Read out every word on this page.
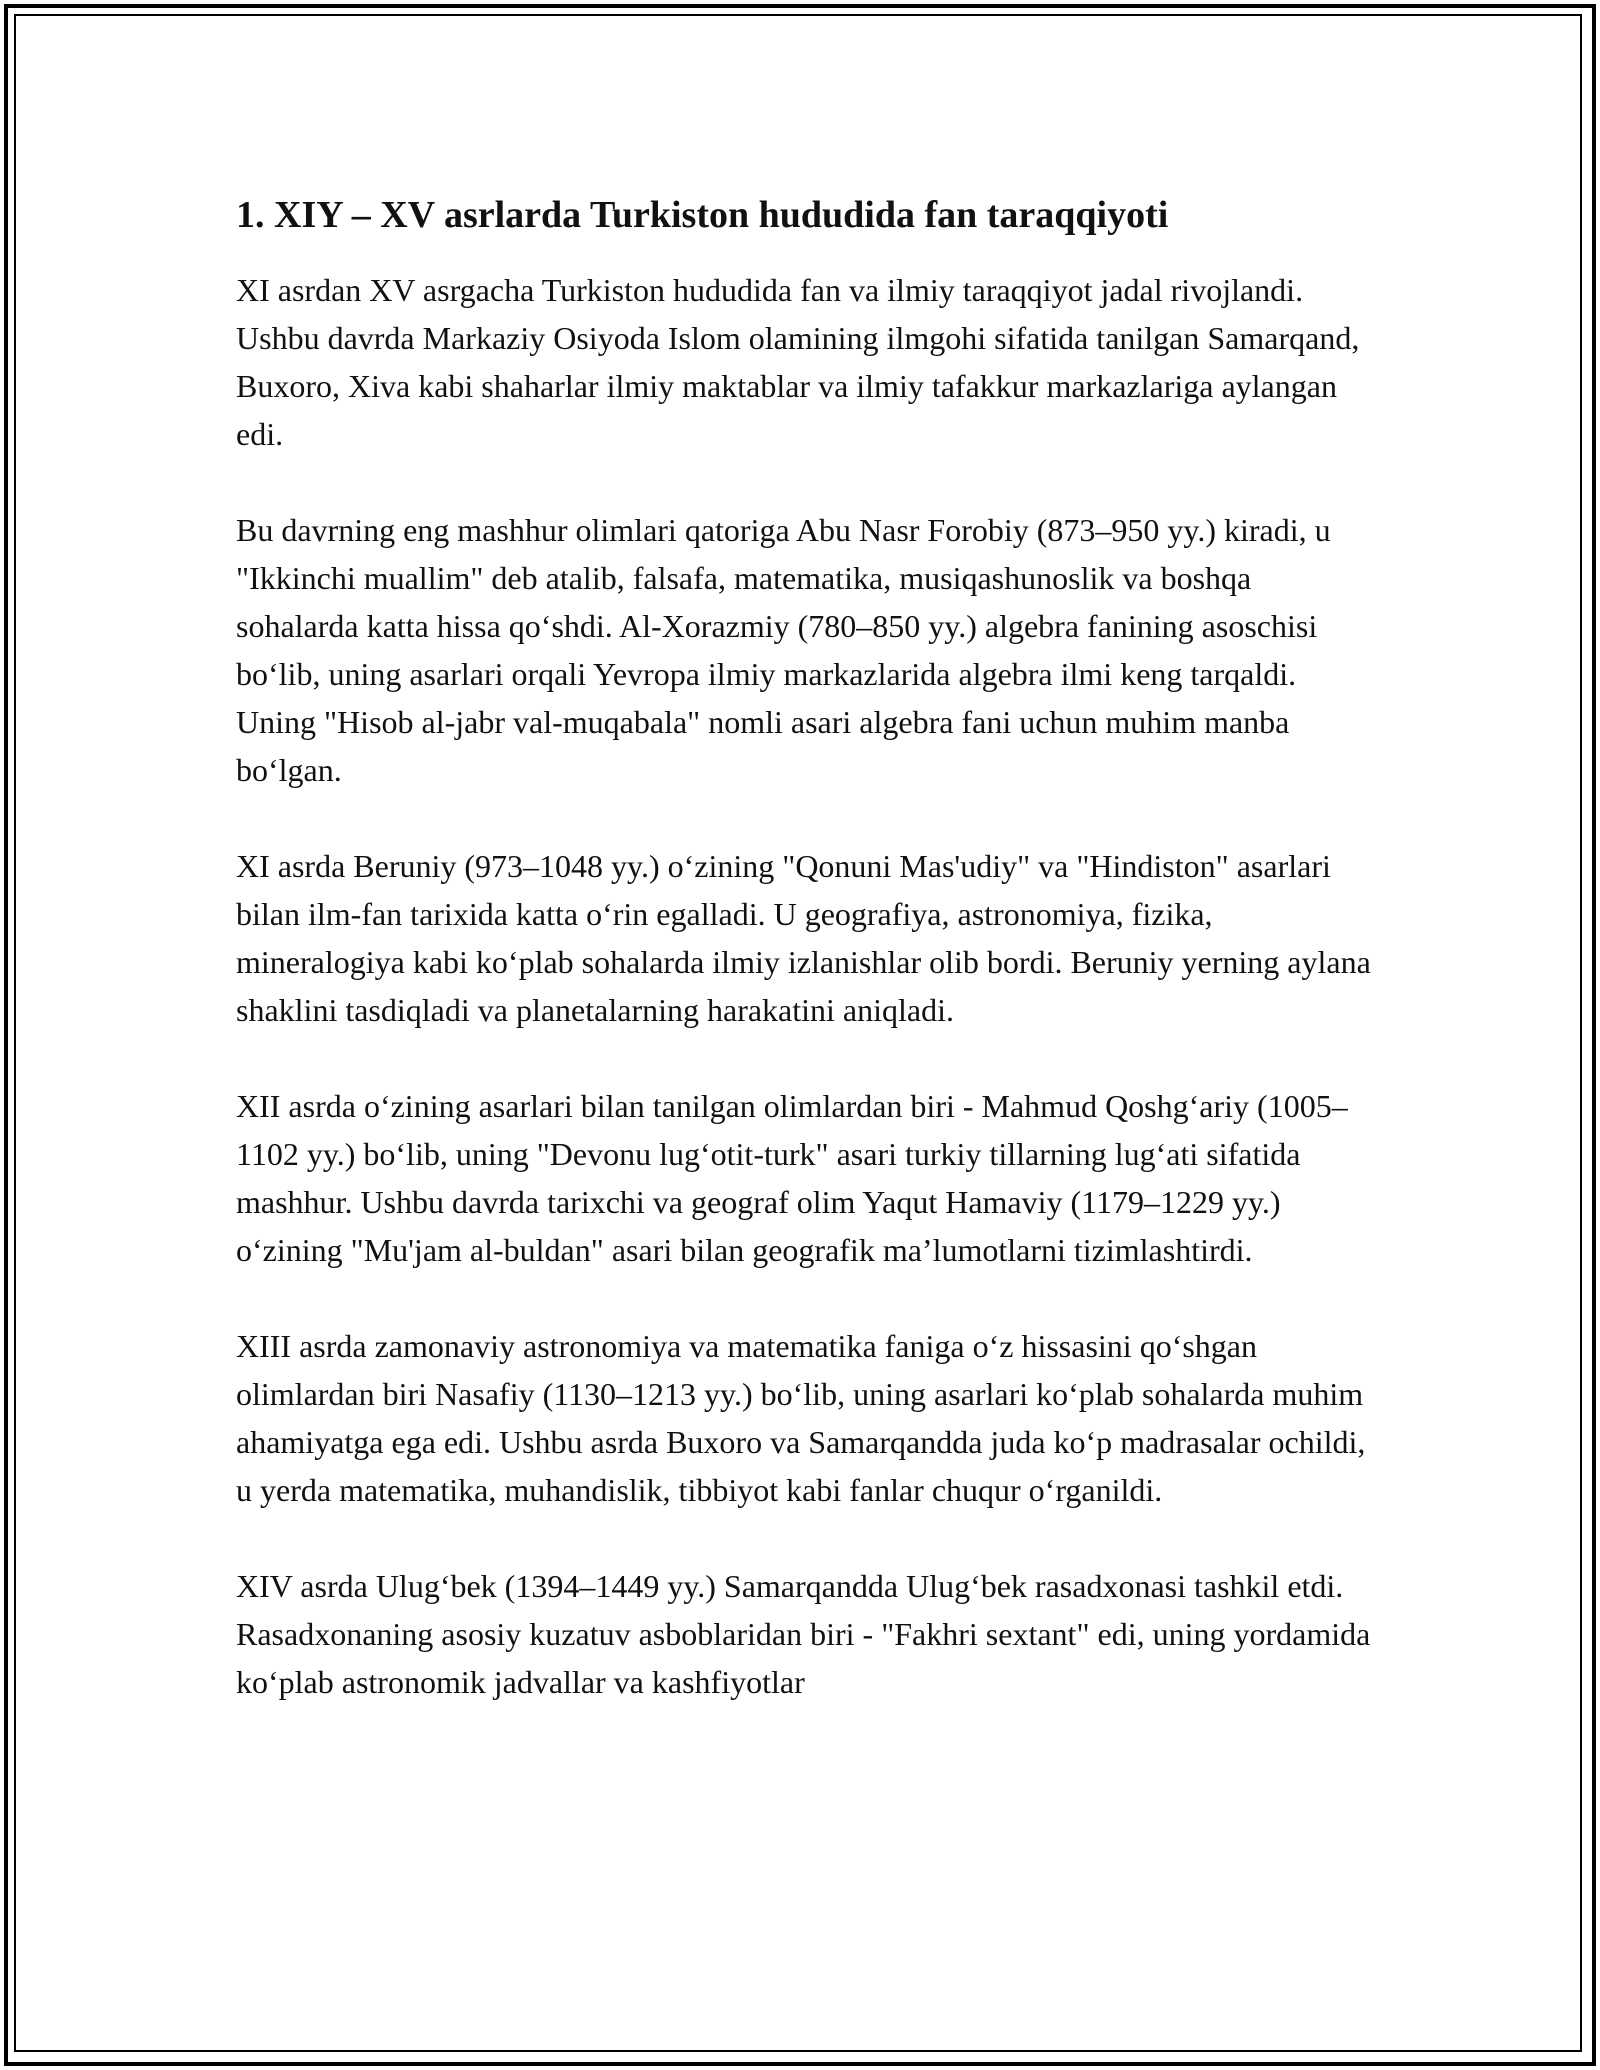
1. XIY – XV asrlarda Turkiston hududida fan taraqqiyoti

XI asrdan XV asrgacha Turkiston hududida fan va ilmiy taraqqiyot jadal rivojlandi. Ushbu davrda Markaziy Osiyoda Islom olamining ilmgohi sifatida tanilgan Samarqand, Buxoro, Xiva kabi shaharlar ilmiy maktablar va ilmiy tafakkur markazlariga aylangan edi.

Bu davrning eng mashhur olimlari qatoriga Abu Nasr Forobiy (873–950 yy.) kiradi, u "Ikkinchi muallim" deb atalib, falsafa, matematika, musiqashunoslik va boshqa sohalarda katta hissa qoʻshdi. Al-Xorazmiy (780–850 yy.) algebra fanining asoschisi boʻlib, uning asarlari orqali Yevropa ilmiy markazlarida algebra ilmi keng tarqaldi. Uning "Hisob al-jabr val-muqabala" nomli asari algebra fani uchun muhim manba boʻlgan.

XI asrda Beruniy (973–1048 yy.) oʻzining "Qonuni Mas'udiy" va "Hindiston" asarlari bilan ilm-fan tarixida katta oʻrin egalladi. U geografiya, astronomiya, fizika, mineralogiya kabi koʻplab sohalarda ilmiy izlanishlar olib bordi. Beruniy yerning aylana shaklini tasdiqladi va planetalarning harakatini aniqladi.

XII asrda oʻzining asarlari bilan tanilgan olimlardan biri - Mahmud Qoshgʻariy (1005–1102 yy.) boʻlib, uning "Devonu lugʻotit-turk" asari turkiy tillarning lugʻati sifatida mashhur. Ushbu davrda tarixchi va geograf olim Yaqut Hamaviy (1179–1229 yy.) oʻzining "Mu'jam al-buldan" asari bilan geografik maʼlumotlarni tizimlashtirdi.

XIII asrda zamonaviy astronomiya va matematika faniga oʻz hissasini qoʻshgan olimlardan biri Nasafiy (1130–1213 yy.) boʻlib, uning asarlari koʻplab sohalarda muhim ahamiyatga ega edi. Ushbu asrda Buxoro va Samarqandda juda koʻp madrasalar ochildi, u yerda matematika, muhandislik, tibbiyot kabi fanlar chuqur oʻrganildi.

XIV asrda Ulugʻbek (1394–1449 yy.) Samarqandda Ulugʻbek rasadxonasi tashkil etdi. Rasadxonaning asosiy kuzatuv asboblaridan biri - "Fakhri sextant" edi, uning yordamida koʻplab astronomik jadvallar va kashfiyotlar
